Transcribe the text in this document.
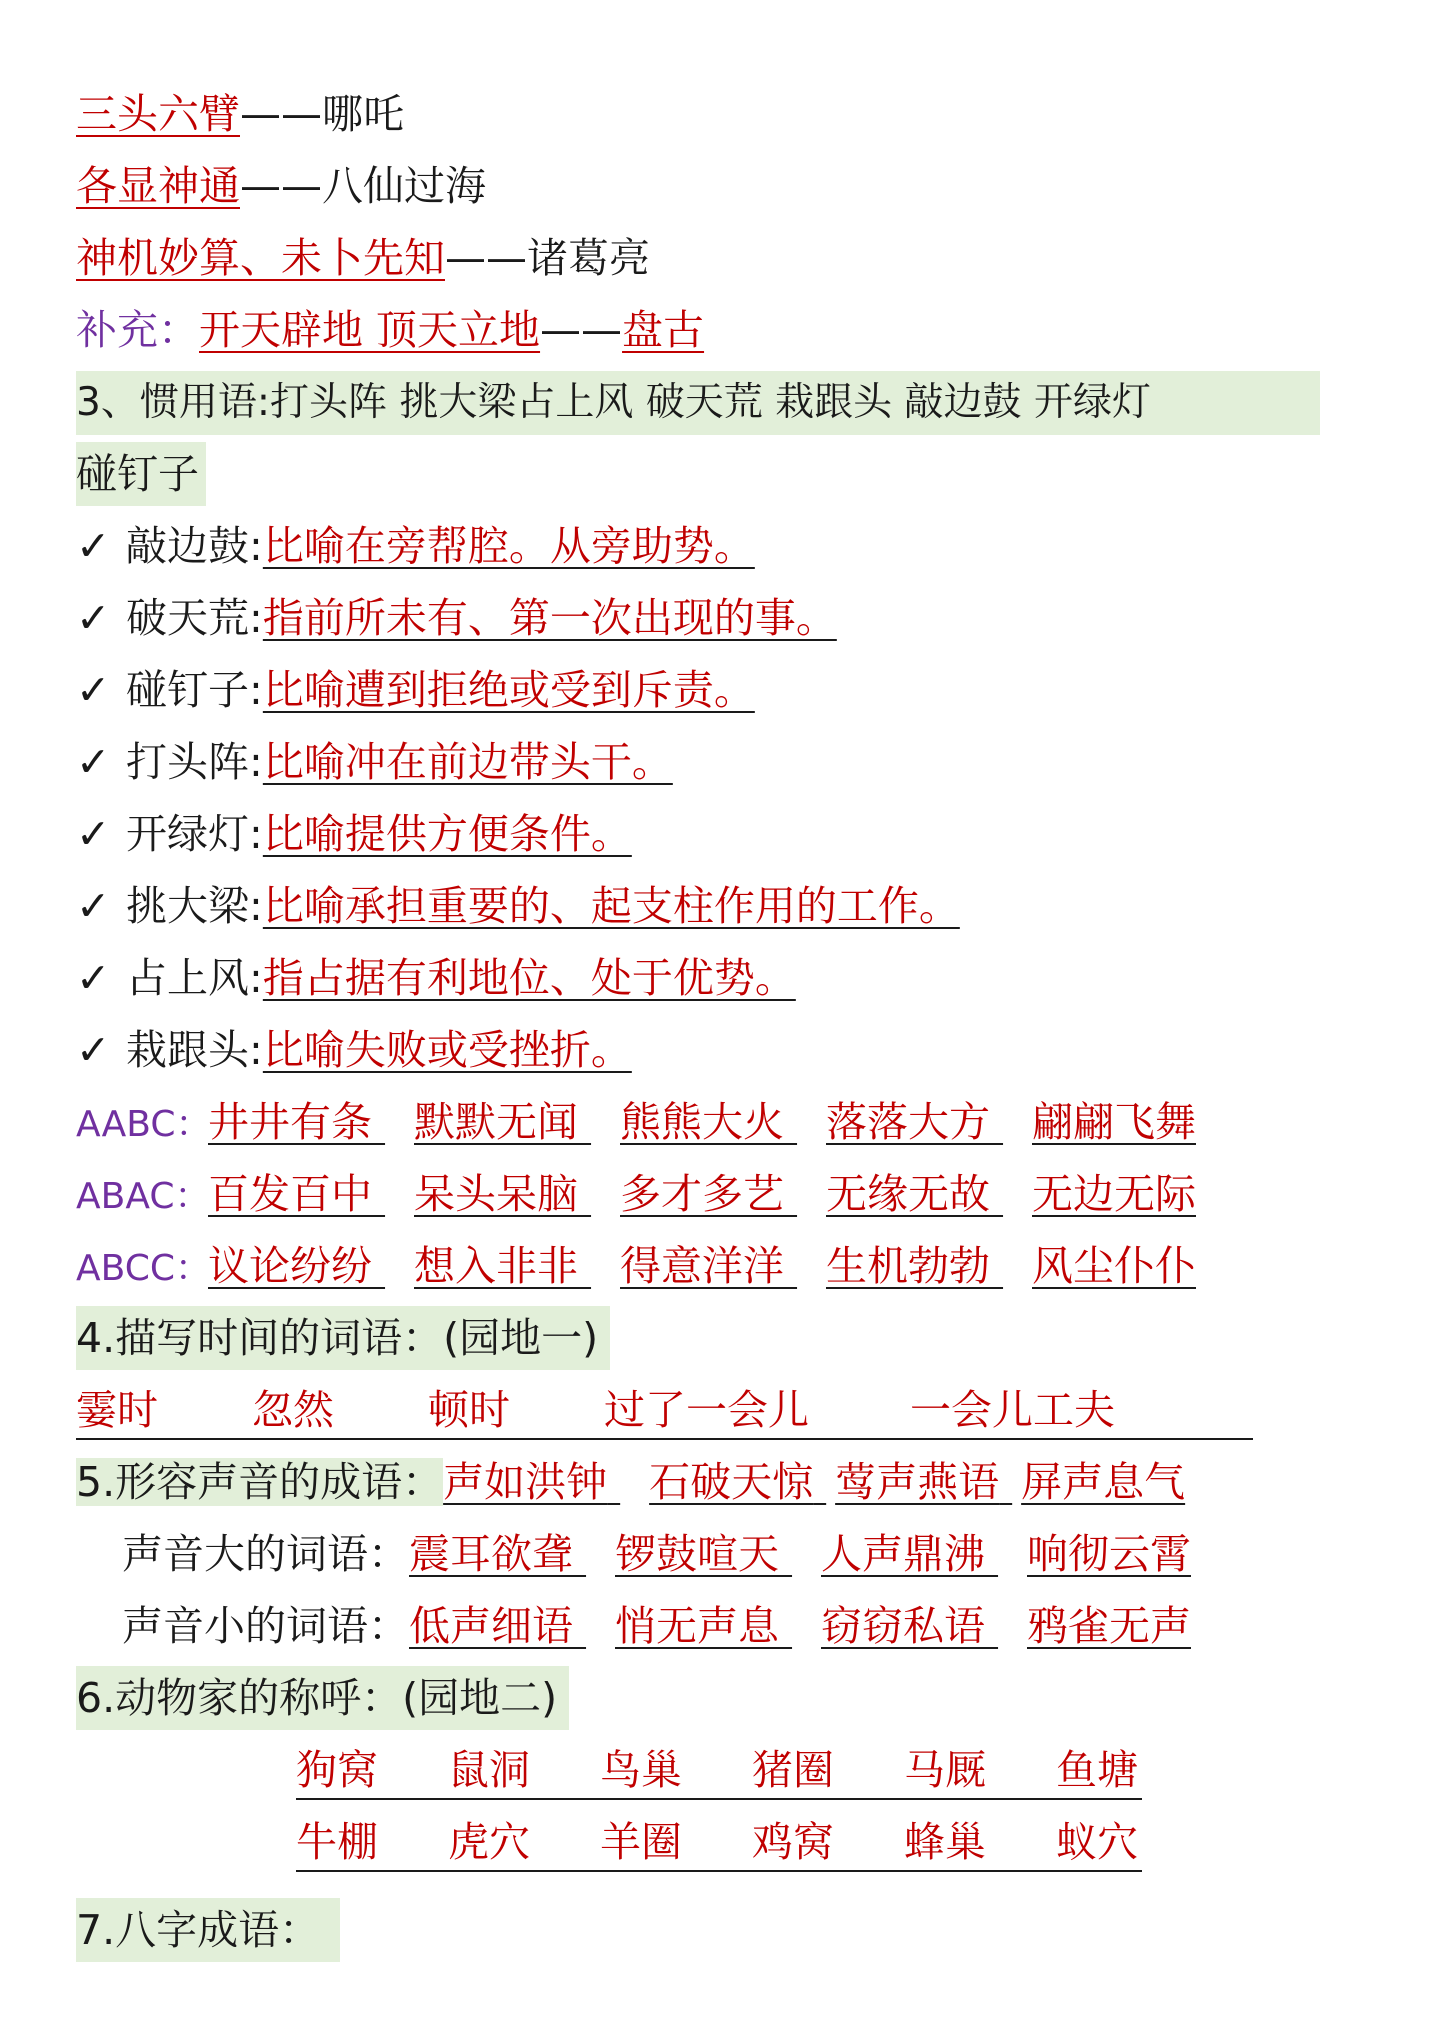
三头六臂——哪吒
各显神通——八仙过海
神机妙算、未卜先知——诸葛亮
补充：开天辟地 顶天立地——盘古
3、惯用语:打头阵 挑大梁占上风 破天荒 栽跟头 敲边鼓 开绿灯
碰钉子
✓ 敲边鼓:比喻在旁帮腔。从旁助势。
✓ 破天荒:指前所未有、第一次出现的事。
✓ 碰钉子:比喻遭到拒绝或受到斥责。
✓ 打头阵:比喻冲在前边带头干。
✓ 开绿灯:比喻提供方便条件。
✓ 挑大梁:比喻承担重要的、起支柱作用的工作。
✓ 占上风:指占据有利地位、处于优势。
✓ 栽跟头:比喻失败或受挫折。
AABC：井井有条 默默无闻 熊熊大火 落落大方 翩翩飞舞
ABAC：百发百中 呆头呆脑 多才多艺 无缘无故 无边无际
ABCC：议论纷纷 想入非非 得意洋洋 生机勃勃 风尘仆仆
4.描写时间的词语：(园地一)
霎时 忽然 顿时 过了一会儿 一会儿工夫
5.形容声音的成语：声如洪钟 石破天惊 莺声燕语 屏声息气
声音大的词语：震耳欲聋 锣鼓喧天 人声鼎沸 响彻云霄
声音小的词语：低声细语 悄无声息 窃窃私语 鸦雀无声
6.动物家的称呼：(园地二)
狗窝 鼠洞 鸟巢 猪圈 马厩 鱼塘
牛棚 虎穴 羊圈 鸡窝 蜂巢 蚁穴
7.八字成语：
